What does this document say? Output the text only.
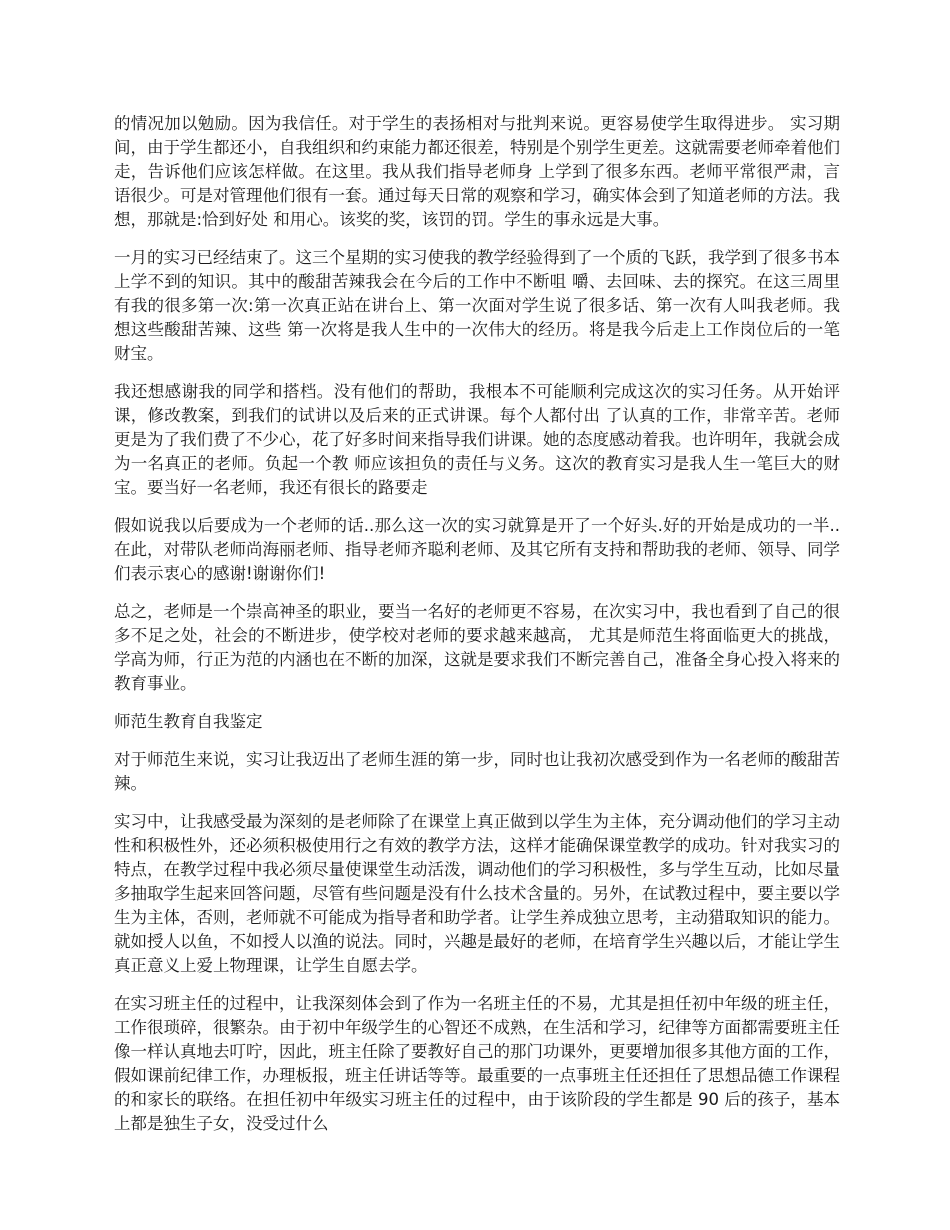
的情况加以勉励。因为我信任。对于学生的表扬相对与批判来说。更容易使学生取得进步。 实习期间，由于学生都还小，自我组织和约束能力都还很差，特别是个别学生更差。这就需要老师牵着他们走，告诉他们应该怎样做。在这里。我从我们指导老师身 上学到了很多东西。老师平常很严肃，言语很少。可是对管理他们很有一套。通过每天日常的观察和学习，确实体会到了知道老师的方法。我想，那就是:恰到好处 和用心。该奖的奖，该罚的罚。学生的事永远是大事。

一月的实习已经结束了。这三个星期的实习使我的教学经验得到了一个质的飞跃，我学到了很多书本上学不到的知识。其中的酸甜苦辣我会在今后的工作中不断咀 嚼、去回味、去的探究。在这三周里有我的很多第一次:第一次真正站在讲台上、第一次面对学生说了很多话、第一次有人叫我老师。我想这些酸甜苦辣、这些 第一次将是我人生中的一次伟大的经历。将是我今后走上工作岗位后的一笔财宝。

我还想感谢我的同学和搭档。没有他们的帮助，我根本不可能顺利完成这次的实习任务。从开始评课，修改教案，到我们的试讲以及后来的正式讲课。每个人都付出 了认真的工作，非常辛苦。老师更是为了我们费了不少心，花了好多时间来指导我们讲课。她的态度感动着我。也许明年，我就会成为一名真正的老师。负起一个教 师应该担负的责任与义务。这次的教育实习是我人生一笔巨大的财宝。要当好一名老师，我还有很长的路要走

假如说我以后要成为一个老师的话..那么这一次的实习就算是开了一个好头.好的开始是成功的一半..在此，对带队老师尚海丽老师、指导老师齐聪利老师、及其它所有支持和帮助我的老师、领导、同学们表示衷心的感谢!谢谢你们!

总之，老师是一个崇高神圣的职业，要当一名好的老师更不容易，在次实习中，我也看到了自己的很多不足之处，社会的不断进步，使学校对老师的要求越来越高， 尤其是师范生将面临更大的挑战，学高为师，行正为范的内涵也在不断的加深，这就是要求我们不断完善自己，准备全身心投入将来的教育事业。

师范生教育自我鉴定

对于师范生来说，实习让我迈出了老师生涯的第一步，同时也让我初次感受到作为一名老师的酸甜苦辣。

实习中，让我感受最为深刻的是老师除了在课堂上真正做到以学生为主体，充分调动他们的学习主动性和积极性外，还必须积极使用行之有效的教学方法，这样才能确保课堂教学的成功。针对我实习的特点，在教学过程中我必须尽量使课堂生动活泼，调动他们的学习积极性，多与学生互动，比如尽量多抽取学生起来回答问题，尽管有些问题是没有什么技术含量的。另外，在试教过程中，要主要以学生为主体，否则，老师就不可能成为指导者和助学者。让学生养成独立思考，主动猎取知识的能力。就如授人以鱼，不如授人以渔的说法。同时，兴趣是最好的老师，在培育学生兴趣以后，才能让学生真正意义上爱上物理课，让学生自愿去学。

在实习班主任的过程中，让我深刻体会到了作为一名班主任的不易，尤其是担任初中年级的班主任，工作很琐碎，很繁杂。由于初中年级学生的心智还不成熟，在生活和学习，纪律等方面都需要班主任像一样认真地去叮咛，因此，班主任除了要教好自己的那门功课外，更要增加很多其他方面的工作，假如课前纪律工作，办理板报，班主任讲话等等。最重要的一点事班主任还担任了思想品德工作课程的和家长的联络。在担任初中年级实习班主任的过程中，由于该阶段的学生都是 90 后的孩子，基本上都是独生子女，没受过什么
